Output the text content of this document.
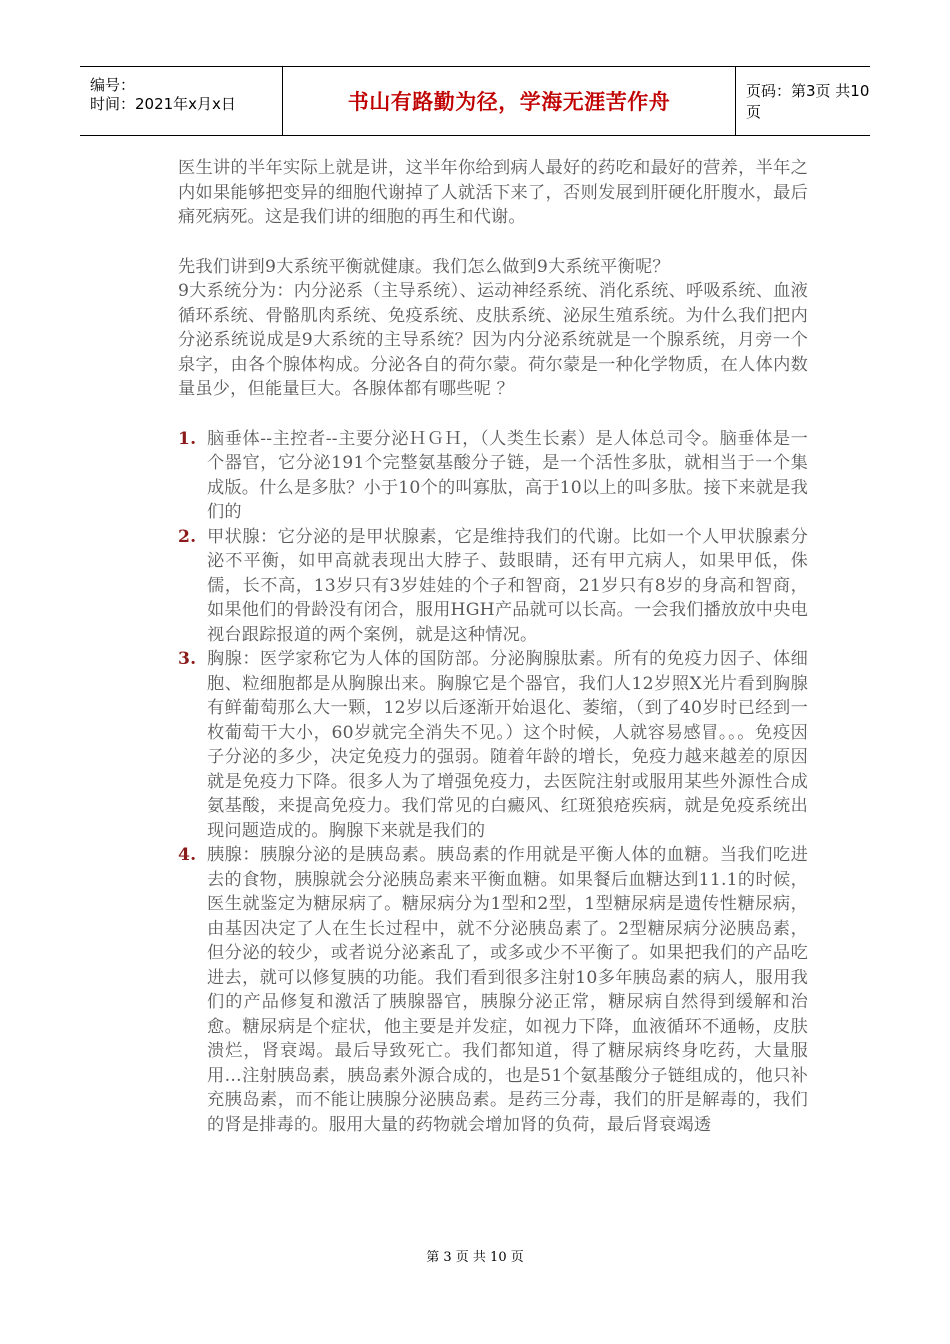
编号：
时间：2021年x月x日	书山有路勤为径，学海无涯苦作舟	页码：第3页 共10页

医生讲的半年实际上就是讲，这半年你给到病人最好的药吃和最好的营养，半年之内如果能够把变异的细胞代谢掉了人就活下来了，否则发展到肝硬化肝腹水，最后痛死病死。这是我们讲的细胞的再生和代谢。

先我们讲到9大系统平衡就健康。我们怎么做到9大系统平衡呢？

9大系统分为：内分泌系（主导系统）、运动神经系统、消化系统、呼吸系统、血液循环系统、骨骼肌肉系统、免疫系统、皮肤系统、泌尿生殖系统。为什么我们把内分泌系统说成是9大系统的主导系统？因为内分泌系统就是一个腺系统，月旁一个泉字，由各个腺体构成。分泌各自的荷尔蒙。荷尔蒙是一种化学物质，在人体内数量虽少，但能量巨大。各腺体都有哪些呢 ？

1. 脑垂体--主控者--主要分泌ＨＧＨ，（人类生长素）是人体总司令。脑垂体是一个器官，它分泌191个完整氨基酸分子链，是一个活性多肽，就相当于一个集成版。什么是多肽？小于10个的叫寡肽，高于10以上的叫多肽。接下来就是我们的
2. 甲状腺：它分泌的是甲状腺素，它是维持我们的代谢。比如一个人甲状腺素分泌不平衡，如甲高就表现出大脖子、鼓眼睛，还有甲亢病人，如果甲低，侏儒，长不高，13岁只有3岁娃娃的个子和智商，21岁只有8岁的身高和智商，如果他们的骨龄没有闭合，服用HGH产品就可以长高。一会我们播放放中央电视台跟踪报道的两个案例，就是这种情况。
3. 胸腺：医学家称它为人体的国防部。分泌胸腺肽素。所有的免疫力因子、体细胞、粒细胞都是从胸腺出来。胸腺它是个器官，我们人12岁照X光片看到胸腺有鲜葡萄那么大一颗，12岁以后逐渐开始退化、萎缩，（到了40岁时已经到一枚葡萄干大小，60岁就完全消失不见。）这个时候，人就容易感冒。。。免疫因子分泌的多少，决定免疫力的强弱。随着年龄的增长，免疫力越来越差的原因就是免疫力下降。很多人为了增强免疫力，去医院注射或服用某些外源性合成氨基酸，来提高免疫力。我们常见的白癜风、红斑狼疮疾病，就是免疫系统出现问题造成的。胸腺下来就是我们的
4. 胰腺：胰腺分泌的是胰岛素。胰岛素的作用就是平衡人体的血糖。当我们吃进去的食物，胰腺就会分泌胰岛素来平衡血糖。如果餐后血糖达到11.1的时候，医生就鉴定为糖尿病了。糖尿病分为1型和2型，1型糖尿病是遗传性糖尿病，由基因决定了人在生长过程中，就不分泌胰岛素了。2型糖尿病分泌胰岛素，但分泌的较少，或者说分泌紊乱了，或多或少不平衡了。如果把我们的产品吃进去，就可以修复胰的功能。我们看到很多注射10多年胰岛素的病人，服用我们的产品修复和激活了胰腺器官，胰腺分泌正常，糖尿病自然得到缓解和治愈。糖尿病是个症状，他主要是并发症，如视力下降，血液循环不通畅，皮肤溃烂，肾衰竭。最后导致死亡。我们都知道，得了糖尿病终身吃药，大量服用…注射胰岛素，胰岛素外源合成的，也是51个氨基酸分子链组成的，他只补充胰岛素，而不能让胰腺分泌胰岛素。是药三分毒，我们的肝是解毒的，我们的肾是排毒的。服用大量的药物就会增加肾的负荷，最后肾衰竭透
第 3 页 共 10 页
